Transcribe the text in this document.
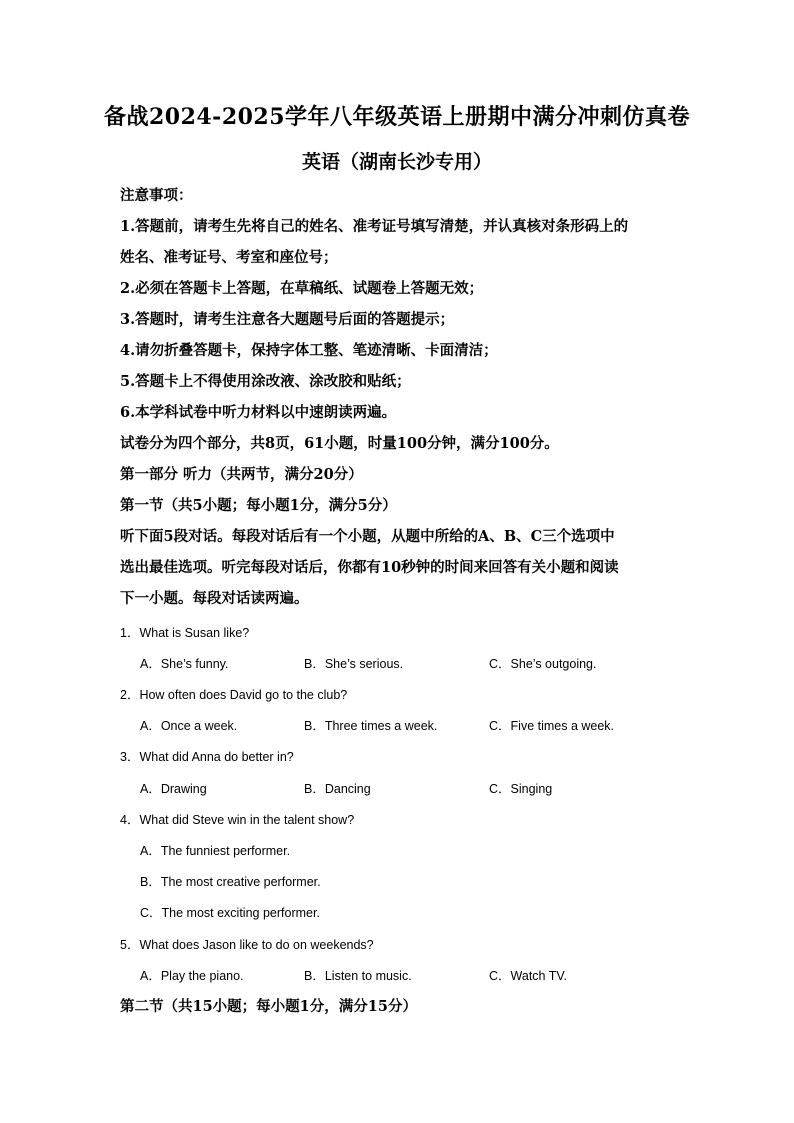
备战2024-2025学年八年级英语上册期中满分冲刺仿真卷
英语（湖南长沙专用）
注意事项：
1.答题前，请考生先将自己的姓名、准考证号填写清楚，并认真核对条形码上的
姓名、准考证号、考室和座位号；
2.必须在答题卡上答题，在草稿纸、试题卷上答题无效；
3.答题时，请考生注意各大题题号后面的答题提示；
4.请勿折叠答题卡，保持字体工整、笔迹清晰、卡面清洁；
5.答题卡上不得使用涂改液、涂改胶和贴纸；
6.本学科试卷中听力材料以中速朗读两遍。
试卷分为四个部分，共8页，61小题，时量100分钟，满分100分。
第一部分 听力（共两节，满分20分）
第一节（共5小题；每小题1分，满分5分）
听下面5段对话。每段对话后有一个小题，从题中所给的A、B、C三个选项中
选出最佳选项。听完每段对话后，你都有10秒钟的时间来回答有关小题和阅读
下一小题。每段对话读两遍。
1．What is Susan like?
A．She’s funny.	B．She’s serious.	C．She’s outgoing.
2．How often does David go to the club?
A．Once a week.	B．Three times a week.	C．Five times a week.
3．What did Anna do better in?
A．Drawing	B．Dancing	C．Singing
4．What did Steve win in the talent show?
A．The funniest performer.
B．The most creative performer.
C．The most exciting performer.
5．What does Jason like to do on weekends?
A．Play the piano.	B．Listen to music.	C．Watch TV.
第二节（共15小题；每小题1分，满分15分）
